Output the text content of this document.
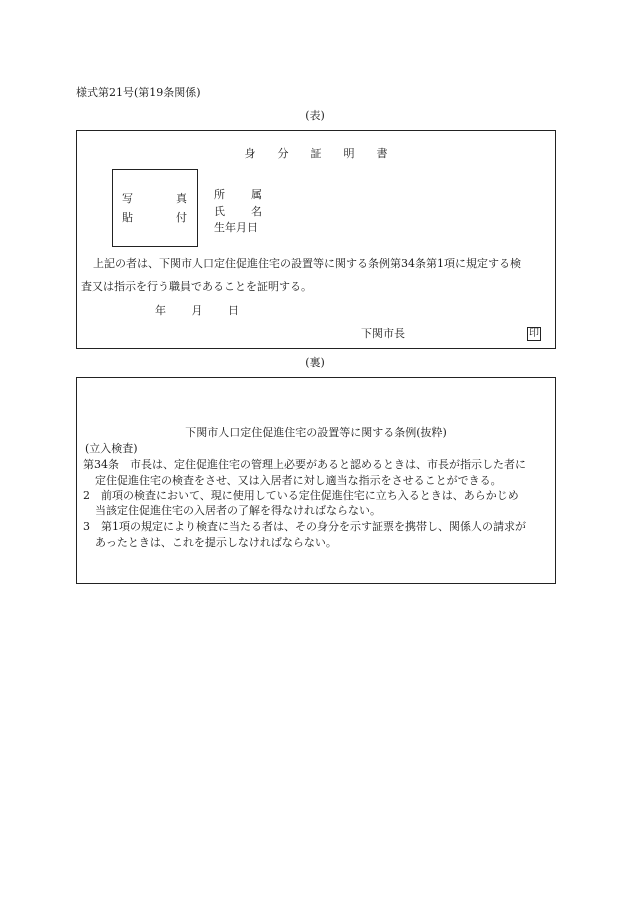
様式第21号(第19条関係)
(表)
身分証明書
写	真
貼	付
所 属
氏 名
生年月日
上記の者は、下関市人口定住促進住宅の設置等に関する条例第34条第1項に規定する検
査又は指示を行う職員であることを証明する。
年 月 日
下関市長	印
(裏)
下関市人口定住促進住宅の設置等に関する条例(抜粋)
(立入検査)
第34条　市長は、定住促進住宅の管理上必要があると認めるときは、市長が指示した者に
定住促進住宅の検査をさせ、又は入居者に対し適当な指示をさせることができる。
2　前項の検査において、現に使用している定住促進住宅に立ち入るときは、あらかじめ
当該定住促進住宅の入居者の了解を得なければならない。
3　第1項の規定により検査に当たる者は、その身分を示す証票を携帯し、関係人の請求が
あったときは、これを提示しなければならない。
